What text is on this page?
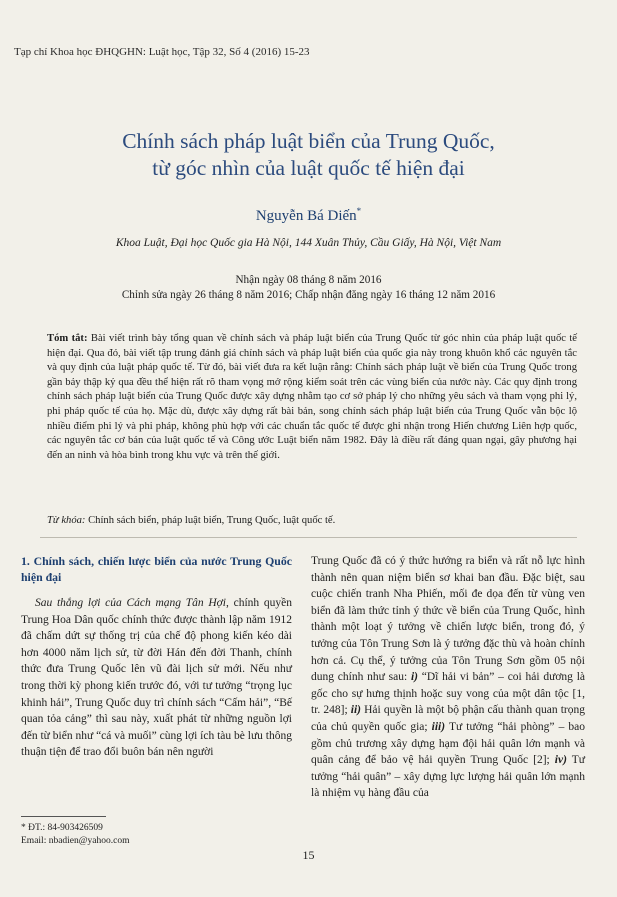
Tạp chí Khoa học ĐHQGHN: Luật học, Tập 32, Số 4 (2016) 15-23
Chính sách pháp luật biển của Trung Quốc,
từ góc nhìn của luật quốc tế hiện đại
Nguyễn Bá Diến*
Khoa Luật, Đại học Quốc gia Hà Nội, 144 Xuân Thủy, Cầu Giấy, Hà Nội, Việt Nam
Nhận ngày 08 tháng 8 năm 2016
Chỉnh sửa ngày 26 tháng 8 năm 2016; Chấp nhận đăng ngày 16 tháng 12 năm 2016
Tóm tắt: Bài viết trình bày tổng quan về chính sách và pháp luật biển của Trung Quốc từ góc nhìn của pháp luật quốc tế hiện đại. Qua đó, bài viết tập trung đánh giá chính sách và pháp luật biển của quốc gia này trong khuôn khổ các nguyên tắc và quy định của luật pháp quốc tế. Từ đó, bài viết đưa ra kết luận rằng: Chính sách pháp luật về biển của Trung Quốc trong gần bảy thập kỷ qua đều thể hiện rất rõ tham vọng mở rộng kiểm soát trên các vùng biển của nước này. Các quy định trong chính sách pháp luật biển của Trung Quốc được xây dựng nhằm tạo cơ sở pháp lý cho những yêu sách và tham vọng phi lý, phi pháp quốc tế của họ. Mặc dù, được xây dựng rất bài bản, song chính sách pháp luật biển của Trung Quốc vẫn bộc lộ nhiều điểm phi lý và phi pháp, không phù hợp với các chuẩn tắc quốc tế được ghi nhận trong Hiến chương Liên hợp quốc, các nguyên tắc cơ bản của luật quốc tế và Công ước Luật biển năm 1982. Đây là điều rất đáng quan ngại, gây phương hại đến an ninh và hòa bình trong khu vực và trên thế giới.
Từ khóa: Chính sách biển, pháp luật biển, Trung Quốc, luật quốc tế.
1. Chính sách, chiến lược biển của nước Trung Quốc hiện đại

Sau thắng lợi của Cách mạng Tân Hợi, chính quyền Trung Hoa Dân quốc chính thức được thành lập năm 1912 đã chấm dứt sự thống trị của chế độ phong kiến kéo dài hơn 4000 năm lịch sử, từ đời Hán đến đời Thanh, chính thức đưa Trung Quốc lên vũ đài lịch sử mới. Nếu như trong thời kỳ phong kiến trước đó, với tư tưởng “trọng lục khinh hải”, Trung Quốc duy trì chính sách “Cấm hải”, “Bế quan tỏa cảng” thì sau này, xuất phát từ những nguồn lợi đến từ biển như “cá và muối” cùng lợi ích tàu bè lưu thông thuận tiện để trao đổi buôn bán nên người

Trung Quốc đã có ý thức hướng ra biển và rất nỗ lực hình thành nên quan niệm biển sơ khai ban đầu. Đặc biệt, sau cuộc chiến tranh Nha Phiến, mối đe dọa đến từ vùng ven biển đã làm thức tỉnh ý thức về biển của Trung Quốc, hình thành một loạt ý tưởng về chiến lược biển, trong đó, ý tưởng của Tôn Trung Sơn là ý tưởng đặc thù và hoàn chỉnh hơn cả. Cụ thể, ý tưởng của Tôn Trung Sơn gồm 05 nội dung chính như sau: i) “Dĩ hải vi bản” – coi hải dương là gốc cho sự hưng thịnh hoặc suy vong của một dân tộc [1, tr. 248]; ii) Hải quyền là một bộ phận cấu thành quan trọng của chủ quyền quốc gia; iii) Tư tưởng “hải phòng” – bao gồm chủ trương xây dựng hạm đội hải quân lớn mạnh và quân cảng để bảo vệ hải quyền Trung Quốc [2]; iv) Tư tưởng “hải quân” – xây dựng lực lượng hải quân lớn mạnh là nhiệm vụ hàng đầu của

* ĐT.: 84-903426509
Email: nbadien@yahoo.com
15
